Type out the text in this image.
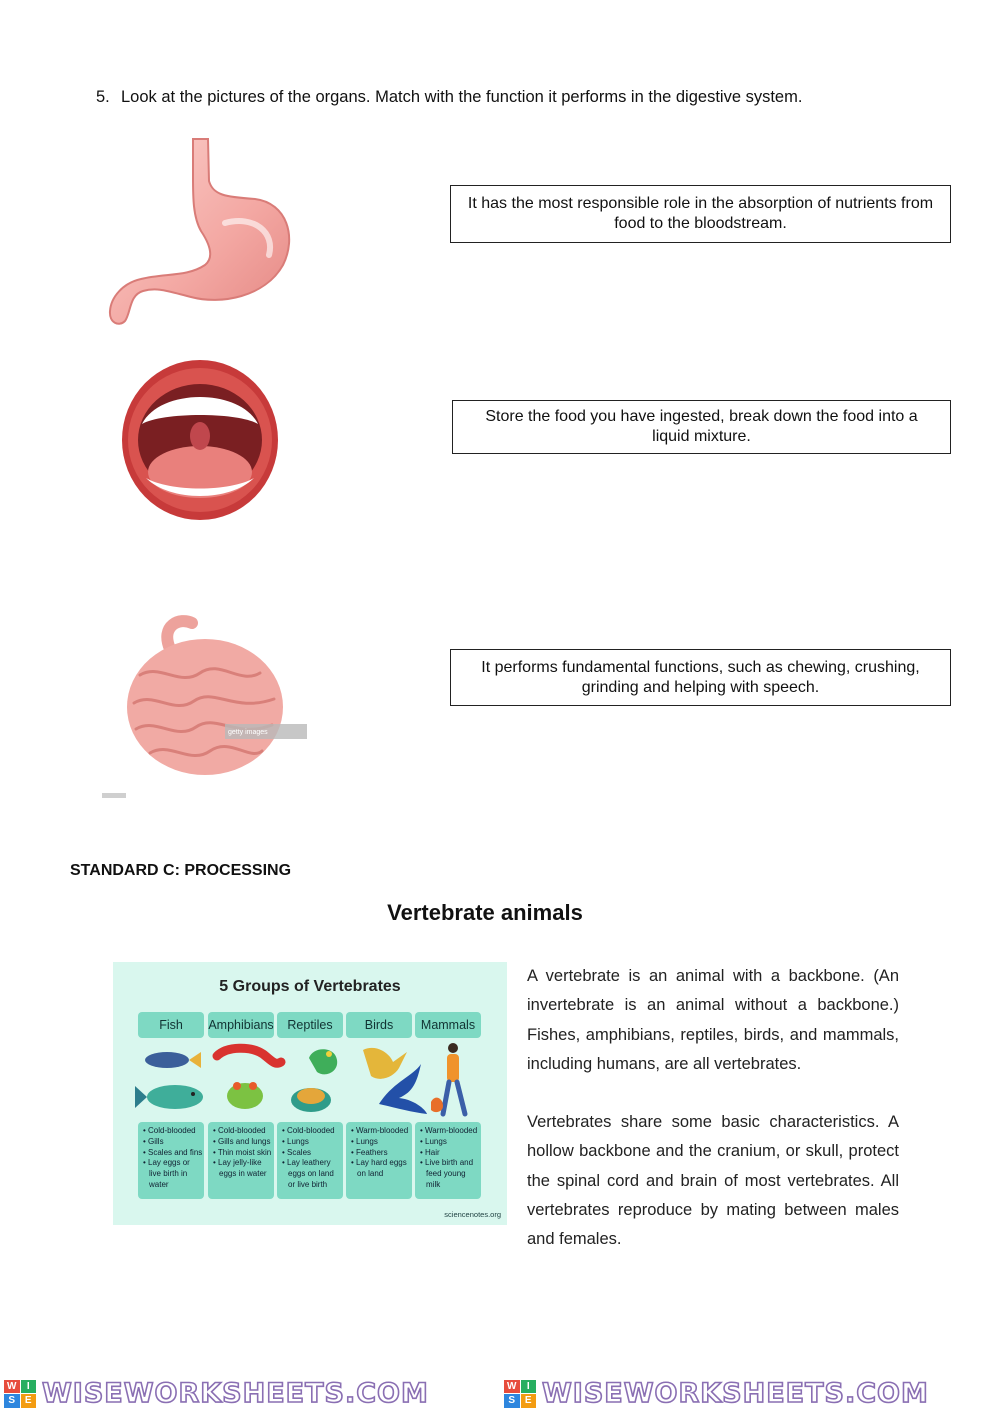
5. Look at the pictures of the organs. Match with the function it performs in the digestive system.
getty images
It has the most responsible role in the absorption of nutrients from food to the bloodstream.
Store the food you have ingested, break down the food into a liquid mixture.
It performs fundamental functions, such as chewing, crushing, grinding and helping with speech.
STANDARD C: PROCESSING
Vertebrate animals
5 Groups of Vertebrates
Fish	Amphibians	Reptiles	Birds	Mammals
• Cold-blooded
• Gills
• Scales and fins
• Lay eggs or
live birth in
water
• Cold-blooded
• Gills and lungs
• Thin moist skin
• Lay jelly-like
eggs in water
• Cold-blooded
• Lungs
• Scales
• Lay leathery
eggs on land
or live birth
• Warm-blooded
• Lungs
• Feathers
• Lay hard eggs
on land
• Warm-blooded
• Lungs
• Hair
• Live birth and
feed young
milk
sciencenotes.org
A vertebrate is an animal with a backbone. (An invertebrate is an animal without a backbone.) Fishes, amphibians, reptiles, birds, and mammals, including humans, are all vertebrates.
Vertebrates share some basic characteristics. A hollow backbone and the cranium, or skull, protect the spinal cord and brain of most vertebrates. All vertebrates reproduce by mating between males and females.
W	I
S E WISEWORKSHEETS.COM	W	I
S E WISEWORKSHEETS.COM
